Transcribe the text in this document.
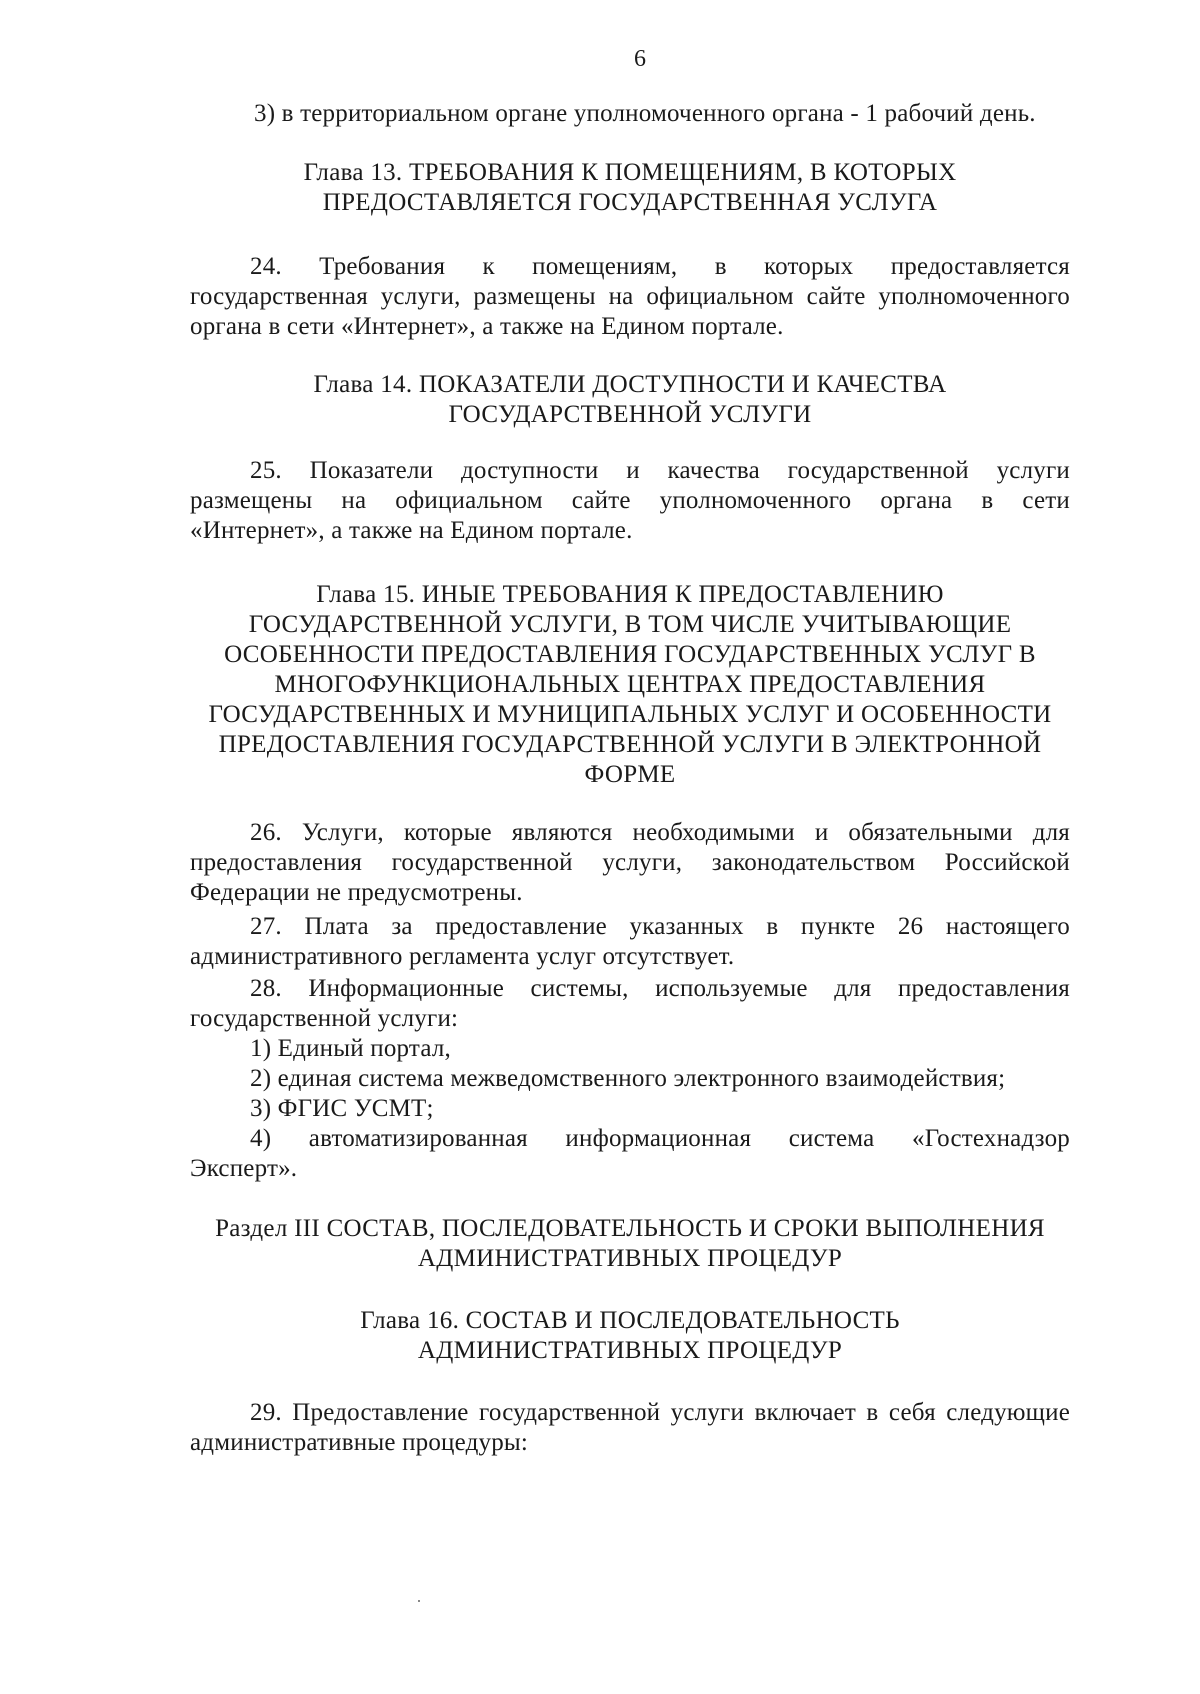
6

3) в территориальном органе уполномоченного органа - 1 рабочий день.

Глава 13. ТРЕБОВАНИЯ К ПОМЕЩЕНИЯМ, В КОТОРЫХ
ПРЕДОСТАВЛЯЕТСЯ ГОСУДАРСТВЕННАЯ УСЛУГА
24. Требования к помещениям, в которых предоставляется
государственная услуги, размещены на официальном сайте уполномоченного
органа в сети «Интернет», а также на Едином портале.
Глава 14. ПОКАЗАТЕЛИ ДОСТУПНОСТИ И КАЧЕСТВА
ГОСУДАРСТВЕННОЙ УСЛУГИ
25. Показатели доступности и качества государственной услуги
размещены на официальном сайте уполномоченного органа в сети
«Интернет», а также на Едином портале.
Глава 15. ИНЫЕ ТРЕБОВАНИЯ К ПРЕДОСТАВЛЕНИЮ
ГОСУДАРСТВЕННОЙ УСЛУГИ, В ТОМ ЧИСЛЕ УЧИТЫВАЮЩИЕ
ОСОБЕННОСТИ ПРЕДОСТАВЛЕНИЯ ГОСУДАРСТВЕННЫХ УСЛУГ В
МНОГОФУНКЦИОНАЛЬНЫХ ЦЕНТРАХ ПРЕДОСТАВЛЕНИЯ
ГОСУДАРСТВЕННЫХ И МУНИЦИПАЛЬНЫХ УСЛУГ И ОСОБЕННОСТИ
ПРЕДОСТАВЛЕНИЯ ГОСУДАРСТВЕННОЙ УСЛУГИ В ЭЛЕКТРОННОЙ
ФОРМЕ
26. Услуги, которые являются необходимыми и обязательными для
предоставления государственной услуги, законодательством Российской
Федерации не предусмотрены.
27. Плата за предоставление указанных в пункте 26 настоящего
административного регламента услуг отсутствует.
28. Информационные системы, используемые для предоставления
государственной услуги:
1) Единый портал,
2) единая система межведомственного электронного взаимодействия;
3) ФГИС УСМТ;
4) автоматизированная информационная система «Гостехнадзор
Эксперт».
Раздел III СОСТАВ, ПОСЛЕДОВАТЕЛЬНОСТЬ И СРОКИ ВЫПОЛНЕНИЯ
АДМИНИСТРАТИВНЫХ ПРОЦЕДУР
Глава 16. СОСТАВ И ПОСЛЕДОВАТЕЛЬНОСТЬ
АДМИНИСТРАТИВНЫХ ПРОЦЕДУР
29. Предоставление государственной услуги включает в себя следующие
административные процедуры:
